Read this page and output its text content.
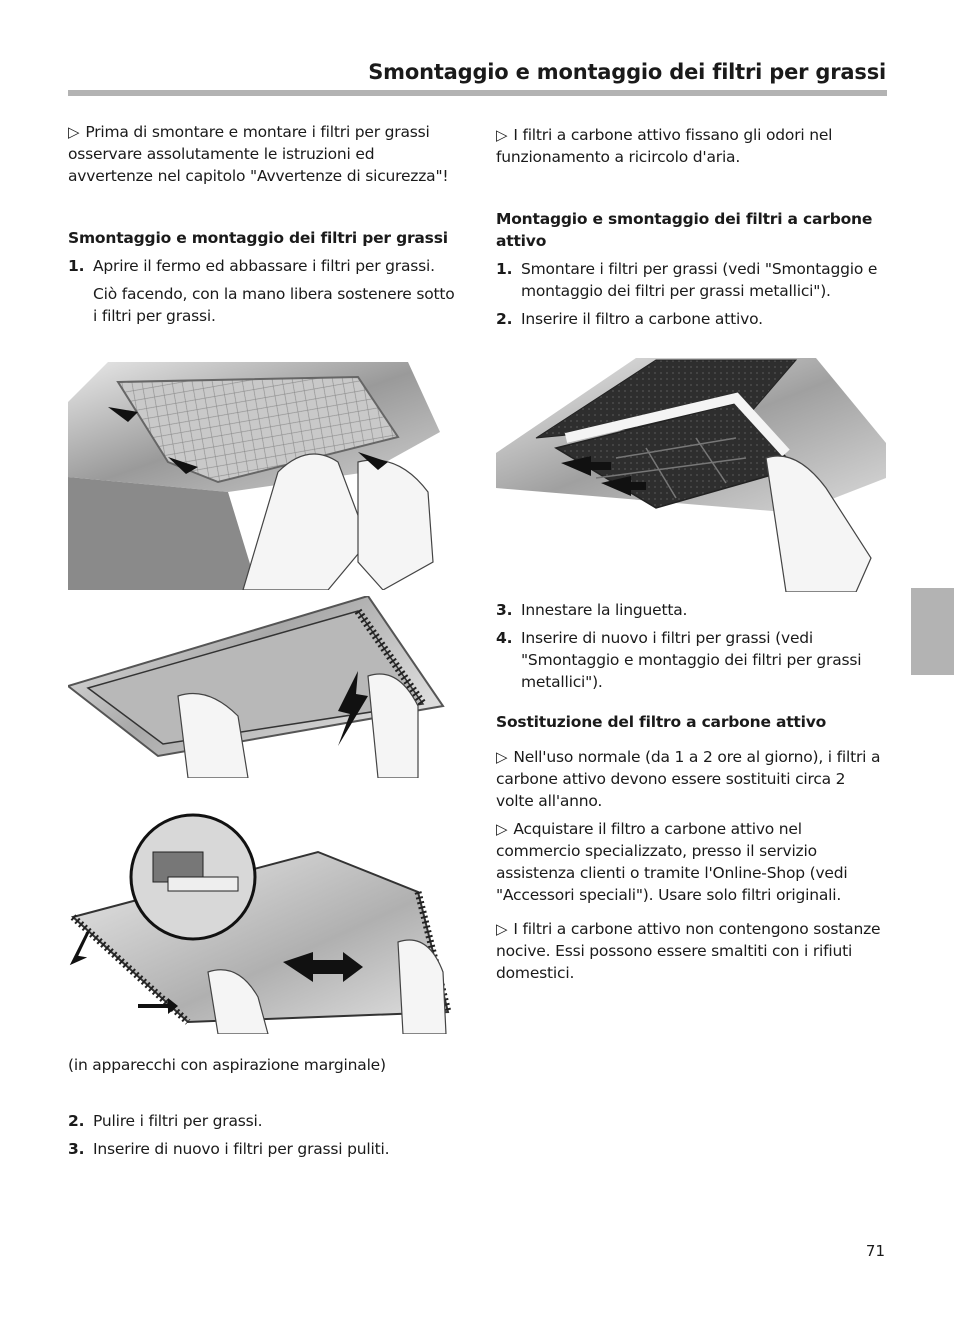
Smontaggio e montaggio dei filtri per grassi

▷ Prima di smontare e montare i filtri per grassi osservare assolutamente le istruzioni ed avvertenze nel capitolo "Avvertenze di sicurezza"!

Smontaggio e montaggio dei filtri per grassi
1. Aprire il fermo ed abbassare i filtri per grassi.

Ciò facendo, con la mano libera sostenere sotto i filtri per grassi.

(in apparecchi con aspirazione marginale)

2. Pulire i filtri per grassi.

3. Inserire di nuovo i filtri per grassi puliti.

▷ I filtri a carbone attivo fissano gli odori nel funzionamento a ricircolo d'aria.

Montaggio e smontaggio dei filtri a carbone attivo
1. Smontare i filtri per grassi (vedi "Smontaggio e montaggio dei filtri per grassi metallici").

2. Inserire il filtro a carbone attivo.

3. Innestare la linguetta.

4. Inserire di nuovo i filtri per grassi (vedi "Smontaggio e montaggio dei filtri per grassi metallici").

Sostituzione del filtro a carbone attivo

▷ Nell'uso normale (da 1 a 2 ore al giorno), i filtri a carbone attivo devono essere sostituiti circa 2 volte all'anno.

▷ Acquistare il filtro a carbone attivo nel commercio specializzato, presso il servizio assistenza clienti o tramite l'Online-Shop (vedi "Accessori speciali"). Usare solo filtri originali.

▷ I filtri a carbone attivo non contengono sostanze nocive. Essi possono essere smaltiti con i rifiuti domestici.

71
